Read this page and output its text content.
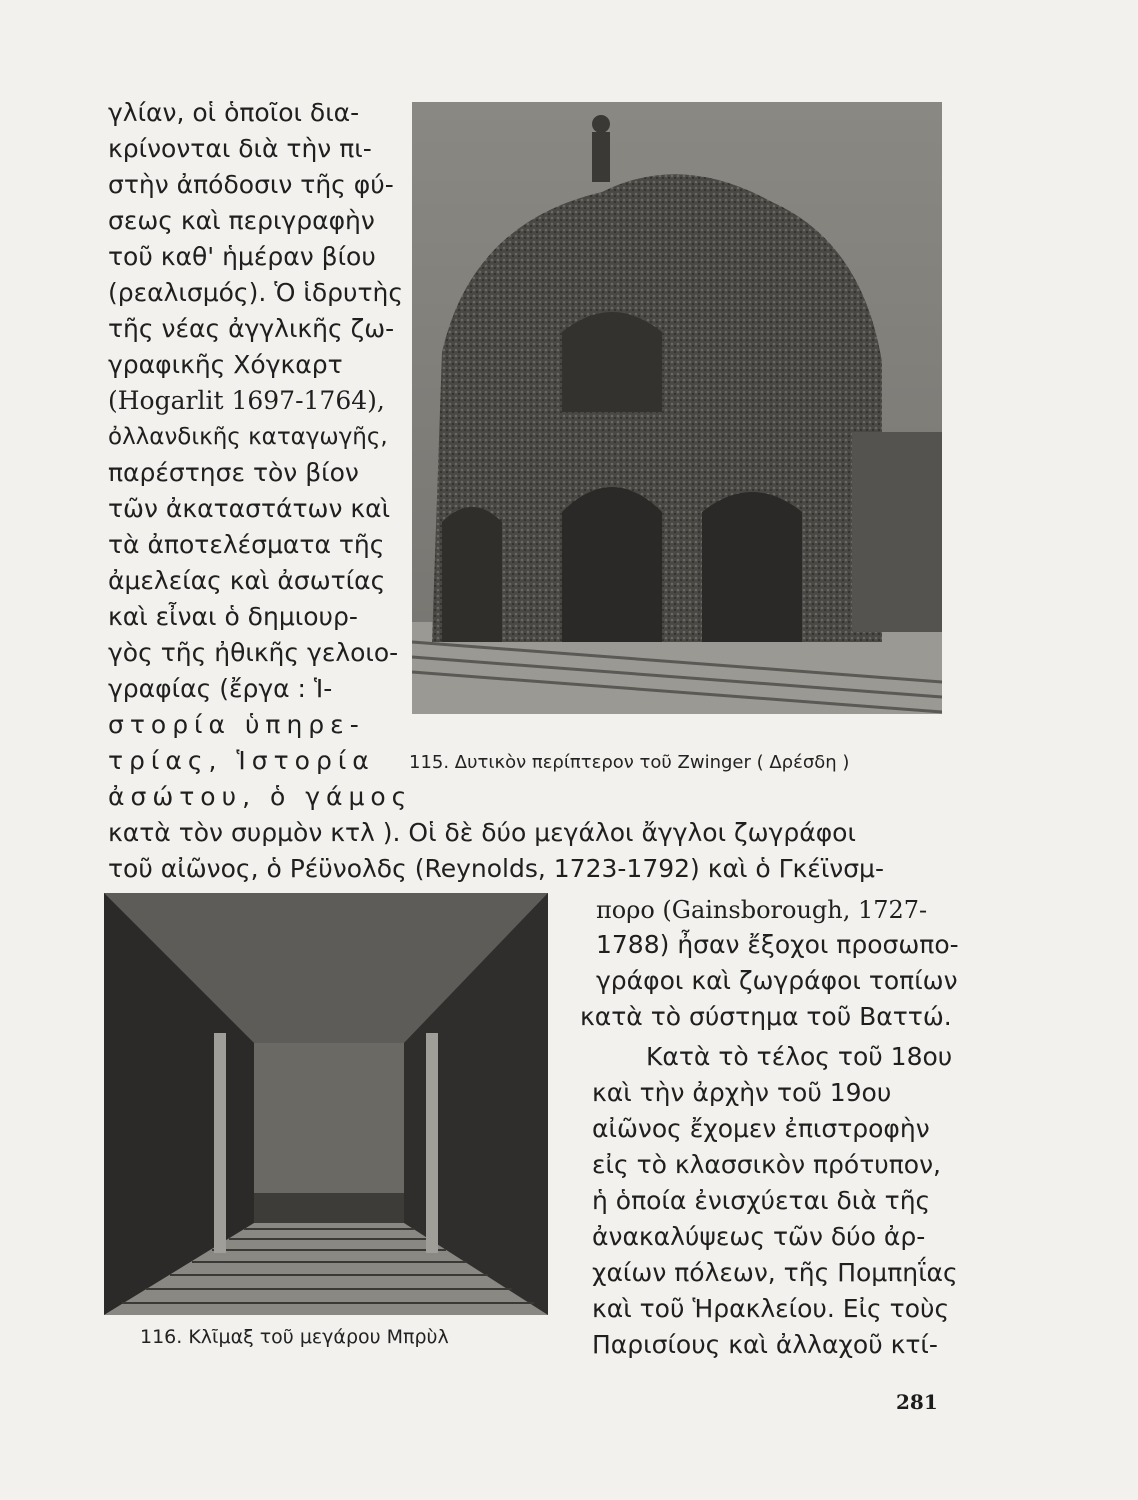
γλίαν, οἱ ὁποῖοι δια-
κρίνονται διὰ τὴν πι-
στὴν ἀπόδοσιν τῆς φύ-
σεως καὶ περιγραφὴν
τοῦ καθ' ἡμέραν βίου
(ρεαλισμός). Ὁ ἱδρυτὴς
τῆς νέας ἀγγλικῆς ζω-
γραφικῆς Χόγκαρτ
(Hogarlit 1697-1764),
ὀλλανδικῆς καταγωγῆς,
παρέστησε τὸν βίον
τῶν ἀκαταστάτων καὶ
τὰ ἀποτελέσματα τῆς
ἀμελείας καὶ ἀσωτίας
καὶ εἶναι ὁ δημιουρ-
γὸς τῆς ἠθικῆς γελοιο-
γραφίας (ἔργα : Ἱ-
στορία ὑπηρε-
τρίας, Ἱστορία
ἀσώτου, ὁ γάμος
115. Δυτικὸν περίπτερον τοῦ Zwinger ( Δρέσδη )
κατὰ τὸν συρμὸν κτλ ). Οἱ δὲ δύο μεγάλοι ἄγγλοι ζωγράφοι
τοῦ αἰῶνος, ὁ Ρέϋνολδς (Reynolds, 1723-1792) καὶ ὁ Γκέϊνσμ-
116. Κλῖμαξ τοῦ μεγάρου Μπρὺλ
πορο (Gainsborough, 1727-
1788) ἦσαν ἔξοχοι προσωπο-
γράφοι καὶ ζωγράφοι τοπίων
κατὰ τὸ σύστημα τοῦ Βαττώ.
Κατὰ τὸ τέλος τοῦ 18ου
καὶ τὴν ἀρχὴν τοῦ 19ου
αἰῶνος ἔχομεν ἐπιστροφὴν
εἰς τὸ κλασσικὸν πρότυπον,
ἡ ὁποία ἐνισχύεται διὰ τῆς
ἀνακαλύψεως τῶν δύο ἀρ-
χαίων πόλεων, τῆς Πομπηΐας
καὶ τοῦ Ἡρακλείου. Εἰς τοὺς
Παρισίους καὶ ἀλλαχοῦ κτί-
281
